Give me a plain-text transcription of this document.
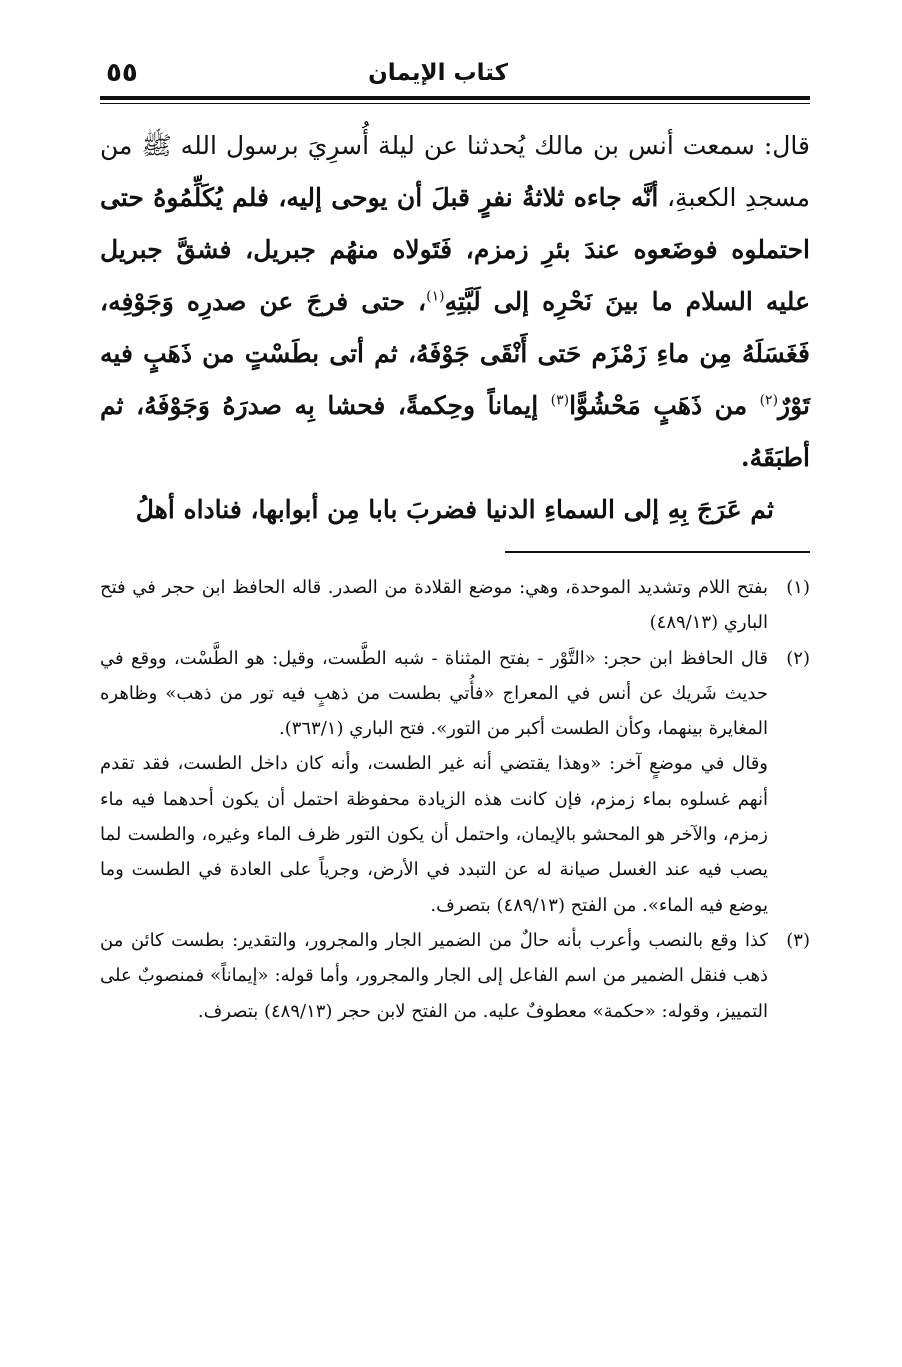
كتاب الإيمان
٥٥

قال: سمعت أنس بن مالك يُحدثنا عن ليلة أُسرِيَ برسول الله ﷺ من مسجدِ الكعبةِ، أنَّه جاءه ثلاثةُ نفرٍ قبلَ أن يوحى إليه، فلم يُكَلِّمُوهُ حتى احتملوه فوضَعوه عندَ بئرِ زمزم، فَتَولاه منهُم جبريل، فشقَّ جبريل عليه السلام ما بينَ نَحْرِه إلى لَبَّتِهِ$^{(١)}$، حتى فرجَ عن صدرِه وَجَوْفِه، فَغَسَلَهُ مِن ماءِ زَمْزَم حَتى أَنْقَى جَوْفَهُ، ثم أتى بطَسْتٍ من ذَهَبٍ فيه تَوْرٌ$^{(٢)}$ من ذَهَبٍ مَحْشُوًّا$^{(٣)}$ إيماناً وحِكمةً، فحشا بِه صدرَهُ وَجَوْفَهُ، ثم أطبَقَهُ.

ثم عَرَجَ بِهِ إلى السماءِ الدنيا فضربَ بابا مِن أبوابها، فناداه أهلُ

(١)
بفتح اللام وتشديد الموحدة، وهي: موضع القلادة من الصدر. قاله الحافظ ابن حجر في فتح الباري (٤٨٩/١٣)

(٢)
قال الحافظ ابن حجر: «التَّوْر - بفتح المثناة - شبه الطَّست، وقيل: هو الطَّسْت، ووقع في حديث شَريك عن أنس في المعراج «فأُتي بطست من ذهبٍ فيه تور من ذهب» وظاهره المغايرة بينهما، وكأن الطست أكبر من التور». فتح الباري (٣٦٣/١).

وقال في موضعٍ آخر: «وهذا يقتضي أنه غير الطست، وأنه كان داخل الطست، فقد تقدم أنهم غسلوه بماء زمزم، فإن كانت هذه الزيادة محفوظة احتمل أن يكون أحدهما فيه ماء زمزم، والآخر هو المحشو بالإيمان، واحتمل أن يكون التور ظرف الماء وغيره، والطست لما يصب فيه عند الغسل صيانة له عن التبدد في الأرض، وجرياً على العادة في الطست وما يوضع فيه الماء». من الفتح (٤٨٩/١٣) بتصرف.

(٣)
كذا وقع بالنصب وأعرب بأنه حالٌ من الضمير الجار والمجرور، والتقدير: بطست كائن من ذهب فنقل الضمير من اسم الفاعل إلى الجار والمجرور، وأما قوله: «إيماناً» فمنصوبٌ على التمييز، وقوله: «حكمة» معطوفٌ عليه. من الفتح لابن حجر (٤٨٩/١٣) بتصرف.
